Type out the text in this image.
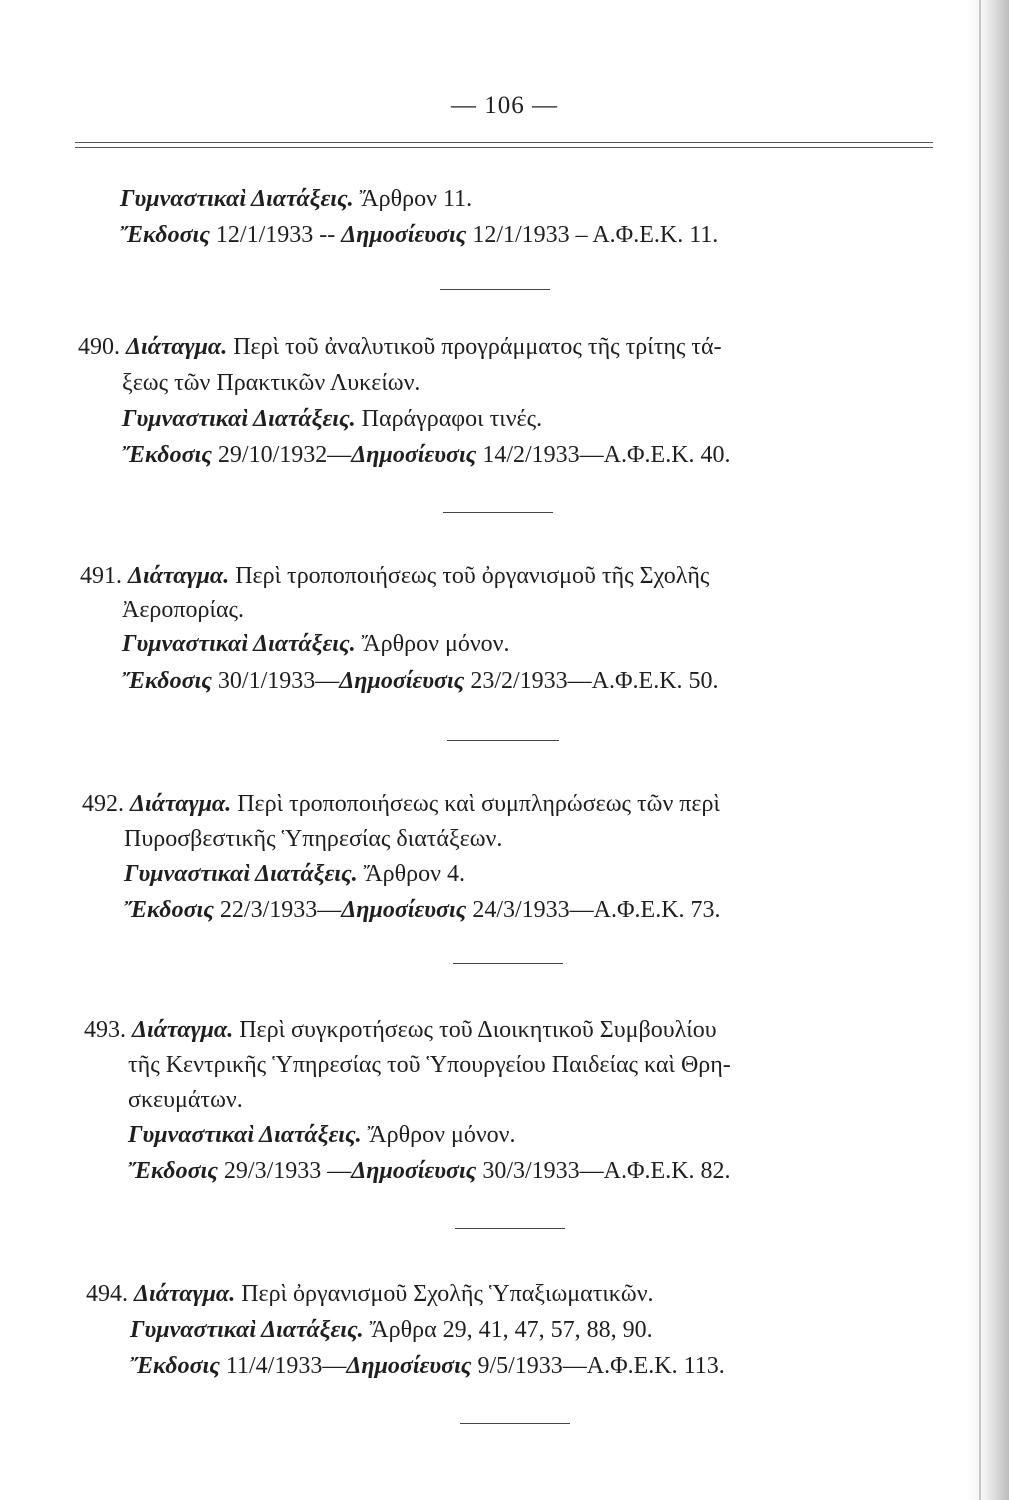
— 106 —
Γυμναστικαὶ Διατάξεις. Ἄρθρον 11.
Ἔκδοσις 12/1/1933 -- Δημοσίευσις 12/1/1933 – Α.Φ.Ε.Κ. 11.
490. Διάταγμα. Περὶ τοῦ ἀναλυτικοῦ προγράμματος τῆς τρίτης τά-
ξεως τῶν Πρακτικῶν Λυκείων.
Γυμναστικαὶ Διατάξεις. Παράγραφοι τινές.
Ἔκδοσις 29/10/1932—Δημοσίευσις 14/2/1933—Α.Φ.Ε.Κ. 40.
491. Διάταγμα. Περὶ τροποποιήσεως τοῦ ὀργανισμοῦ τῆς Σχολῆς
Ἀεροπορίας.
Γυμναστικαὶ Διατάξεις. Ἄρθρον μόνον.
Ἔκδοσις 30/1/1933—Δημοσίευσις 23/2/1933—Α.Φ.Ε.Κ. 50.
492. Διάταγμα. Περὶ τροποποιήσεως καὶ συμπληρώσεως τῶν περὶ
Πυροσβεστικῆς Ὑπηρεσίας διατάξεων.
Γυμναστικαὶ Διατάξεις. Ἄρθρον 4.
Ἔκδοσις 22/3/1933—Δημοσίευσις 24/3/1933—Α.Φ.Ε.Κ. 73.
493. Διάταγμα. Περὶ συγκροτήσεως τοῦ Διοικητικοῦ Συμβουλίου
τῆς Κεντρικῆς Ὑπηρεσίας τοῦ Ὑπουργείου Παιδείας καὶ Θρη-
σκευμάτων.
Γυμναστικαὶ Διατάξεις. Ἄρθρον μόνον.
Ἔκδοσις 29/3/1933 —Δημοσίευσις 30/3/1933—Α.Φ.Ε.Κ. 82.
494. Διάταγμα. Περὶ ὀργανισμοῦ Σχολῆς Ὑπαξιωματικῶν.
Γυμναστικαὶ Διατάξεις. Ἄρθρα 29, 41, 47, 57, 88, 90.
Ἔκδοσις 11/4/1933—Δημοσίευσις 9/5/1933—Α.Φ.Ε.Κ. 113.
